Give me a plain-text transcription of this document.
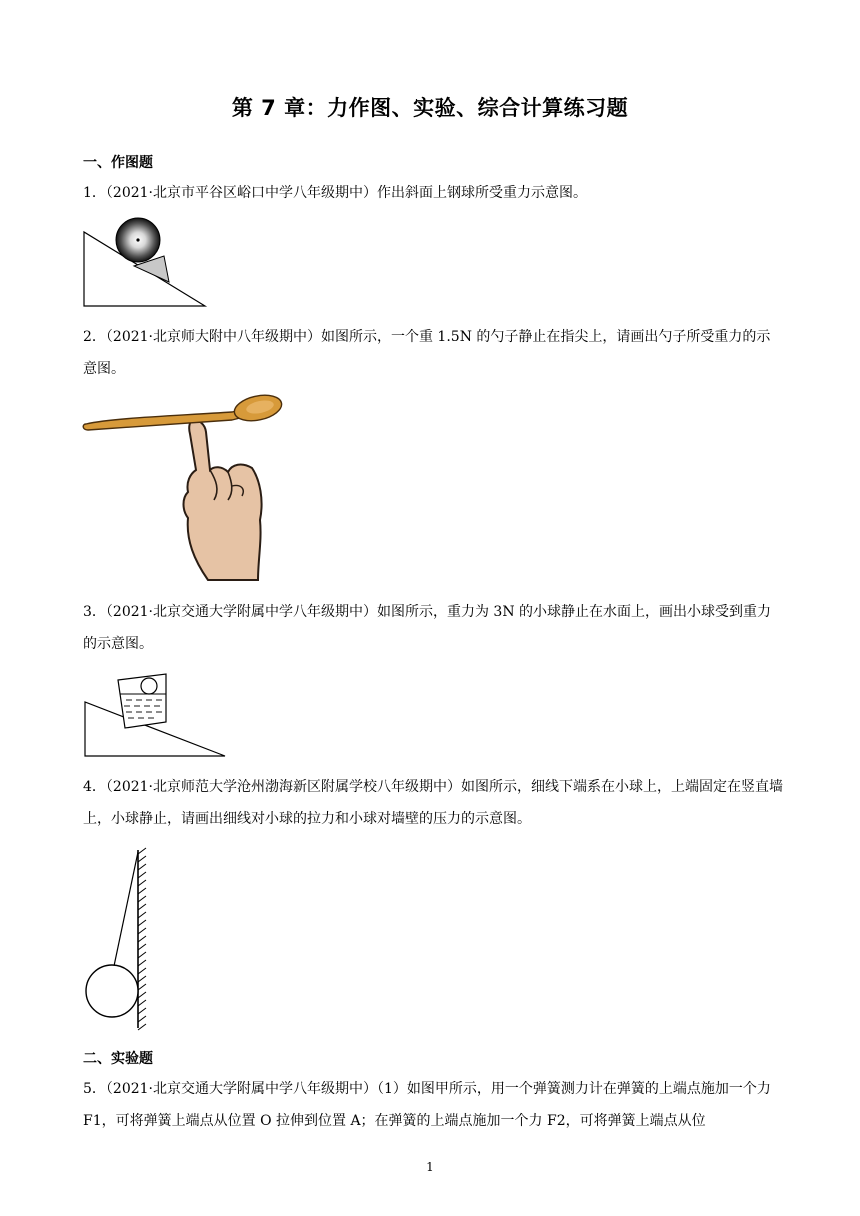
第 7 章：力作图、实验、综合计算练习题
一、作图题
1．（2021·北京市平谷区峪口中学八年级期中）作出斜面上钢球所受重力示意图。
2．（2021·北京师大附中八年级期中）如图所示，一个重 1.5N 的勺子静止在指尖上，请画出勺子所受重力的示意图。
3．（2021·北京交通大学附属中学八年级期中）如图所示，重力为 3N 的小球静止在水面上，画出小球受到重力的示意图。
4．（2021·北京师范大学沧州渤海新区附属学校八年级期中）如图所示，细线下端系在小球上，上端固定在竖直墙上，小球静止，请画出细线对小球的拉力和小球对墙壁的压力的示意图。
二、实验题
5．（2021·北京交通大学附属中学八年级期中）（1）如图甲所示，用一个弹簧测力计在弹簧的上端点施加一个力 F1，可将弹簧上端点从位置 O 拉伸到位置 A；在弹簧的上端点施加一个力 F2，可将弹簧上端点从位
1
